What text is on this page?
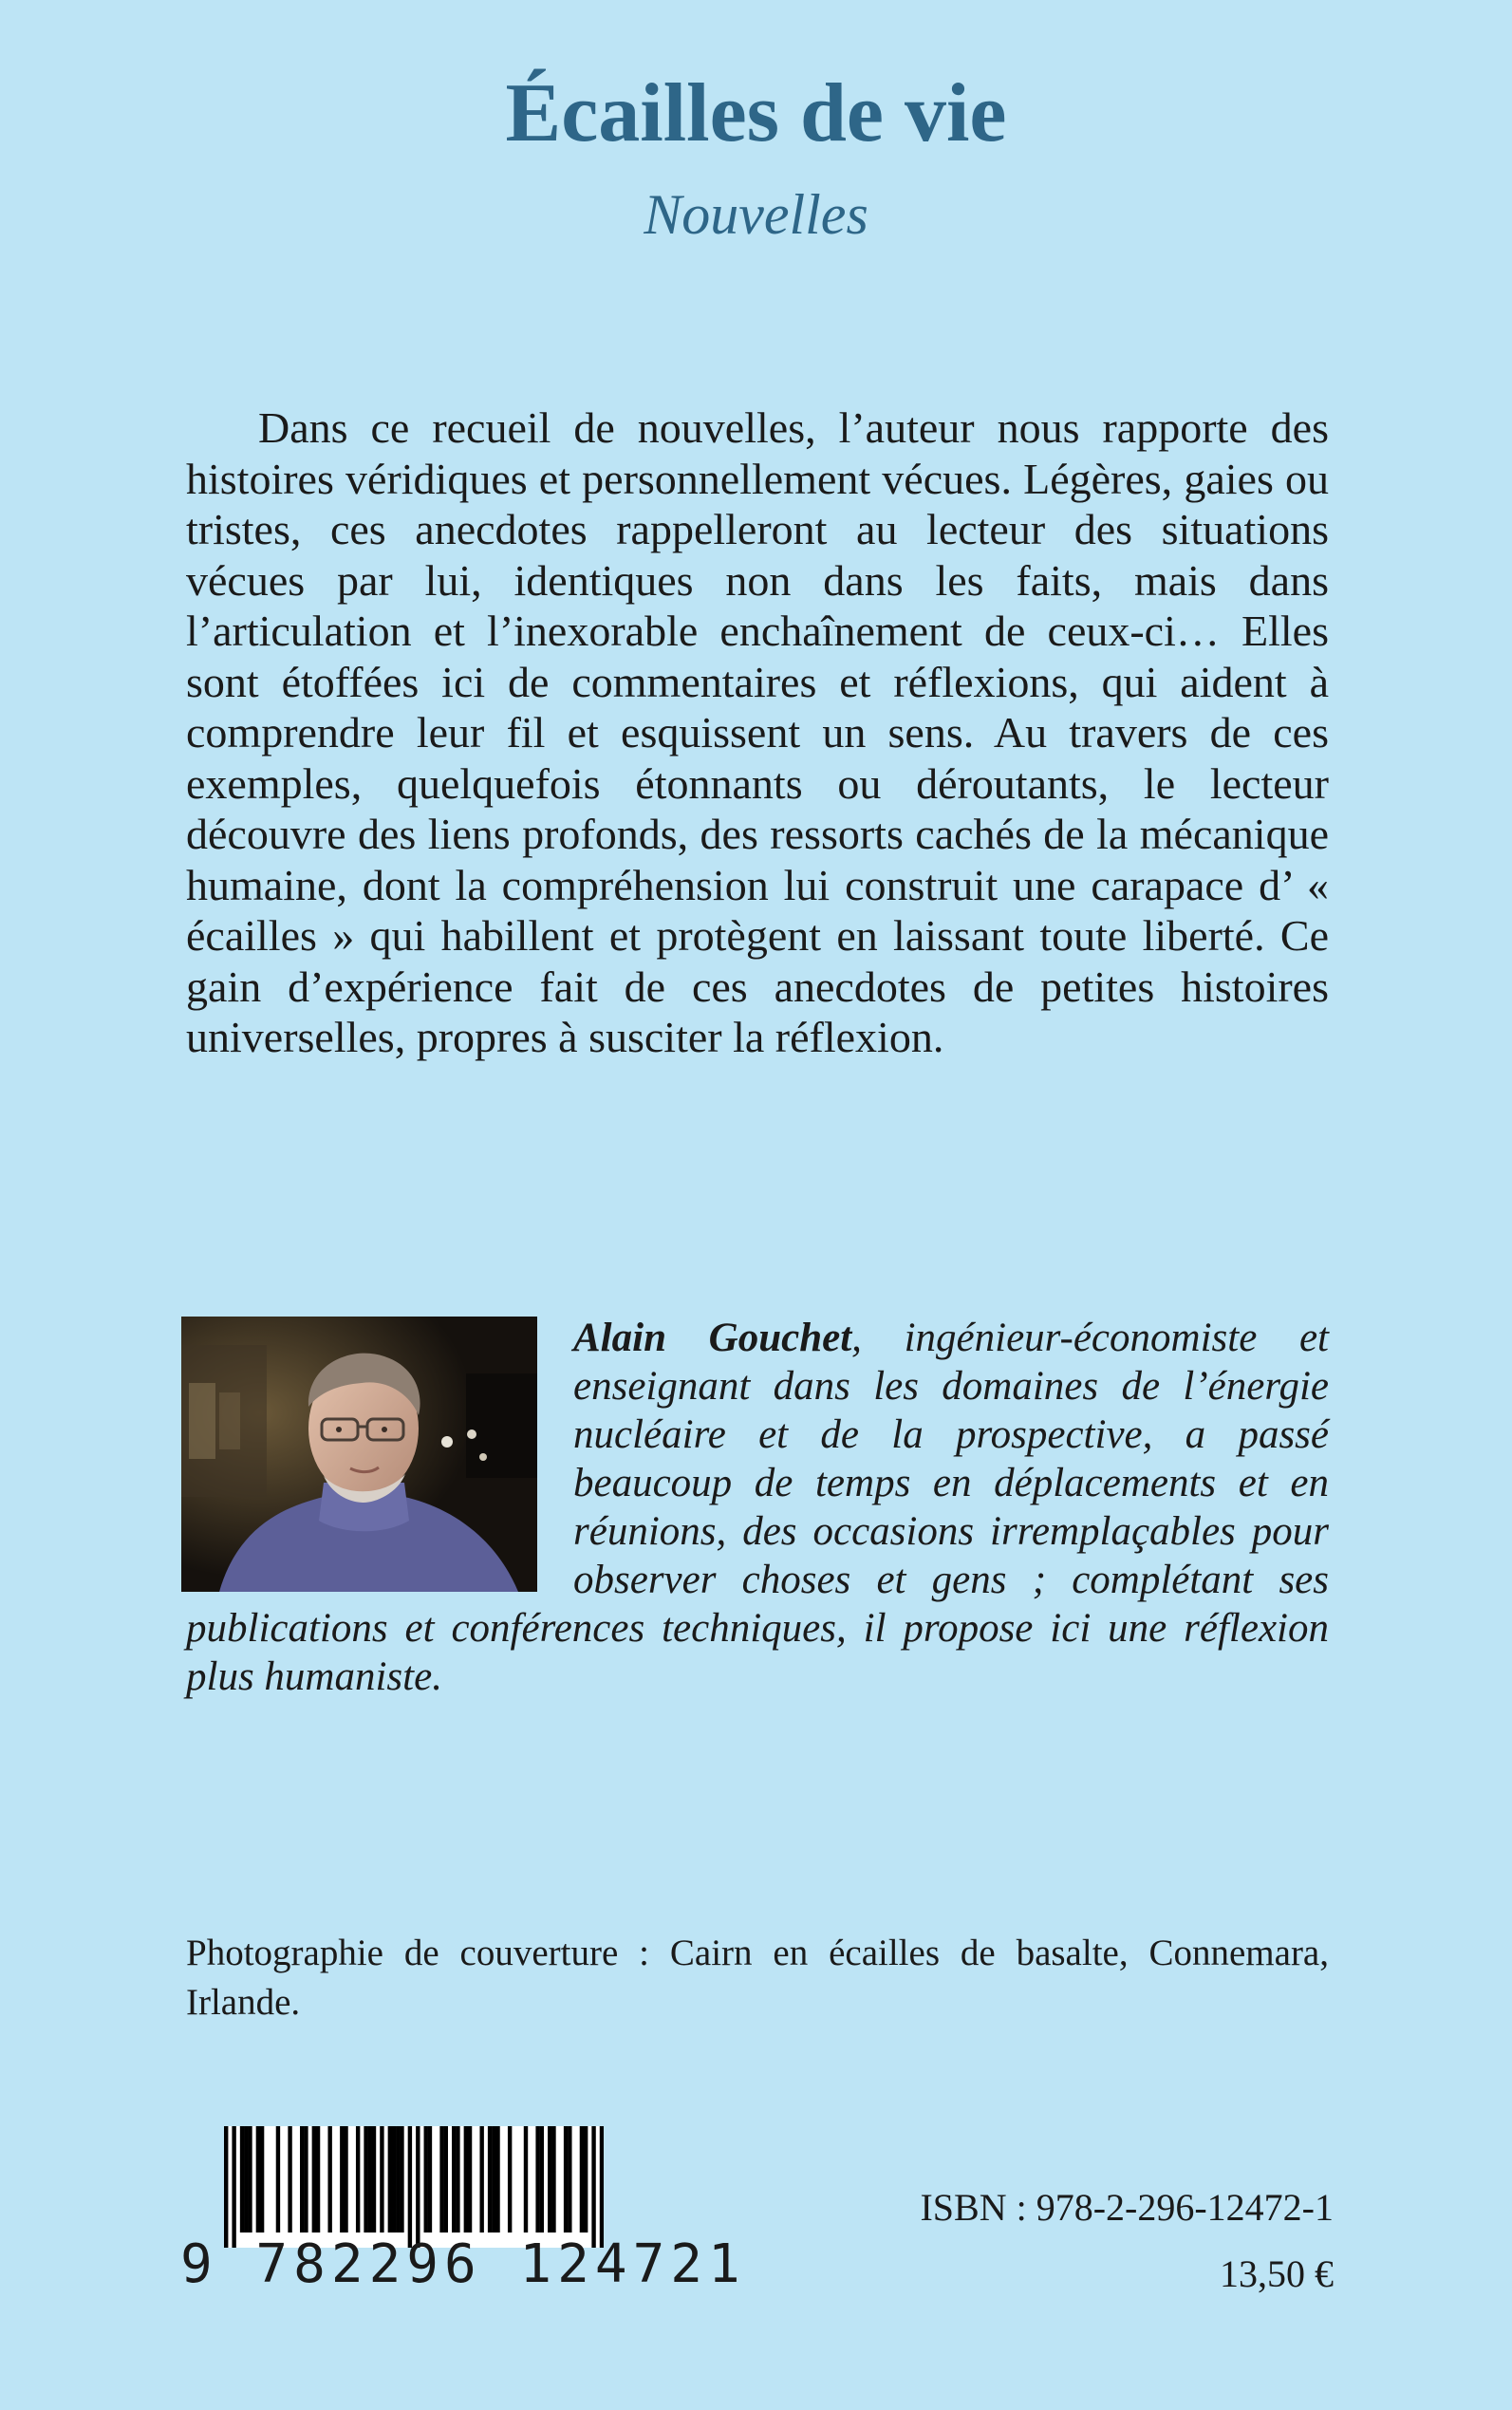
Écailles de vie

Nouvelles

Dans ce recueil de nouvelles, l’auteur nous rapporte des histoires véridiques et personnellement vécues. Légères, gaies ou tristes, ces anecdotes rappelleront au lecteur des situations vécues par lui, identiques non dans les faits, mais dans l’articulation et l’inexorable enchaînement de ceux-ci… Elles sont étoffées ici de commentaires et réflexions, qui aident à comprendre leur fil et esquissent un sens. Au travers de ces exemples, quelquefois étonnants ou déroutants, le lecteur découvre des liens profonds, des ressorts cachés de la mécanique humaine, dont la compréhension lui construit une carapace d’ « écailles » qui habillent et protègent en laissant toute liberté. Ce gain d’expérience fait de ces anecdotes de petites histoires universelles, propres à susciter la réflexion.

Alain Gouchet, ingénieur-économiste et enseignant dans les domaines de l’énergie nucléaire et de la prospective, a passé beaucoup de temps en déplacements et en réunions, des occasions irremplaçables pour observer choses et gens ; complétant ses publications et conférences techniques, il propose ici une réflexion plus humaniste.

Photographie de couverture : Cairn en écailles de basalte, Connemara, Irlande.

9 782296 124721

ISBN : 978-2-296-12472-1

13,50 €
